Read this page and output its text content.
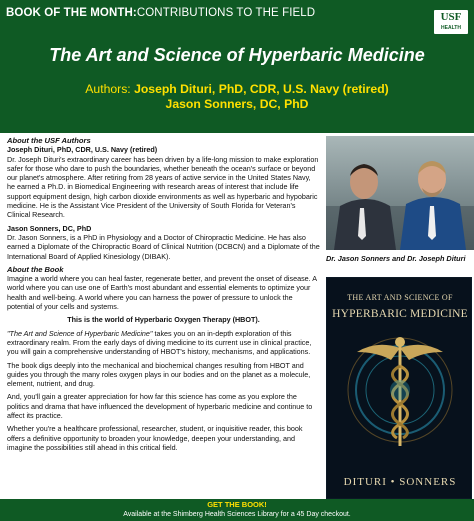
BOOK OF THE MONTH:CONTRIBUTIONS TO THE FIELD	USF
HEALTH
The Art and Science of Hyperbaric Medicine
Authors: Joseph Dituri, PhD, CDR, U.S. Navy (retired)
Jason Sonners, DC, PhD
About the USF Authors
Joseph Dituri, PhD, CDR, U.S. Navy (retired)
Dr. Joseph Dituri's extraordinary career has been driven by a life-long mission to make exploration safer for those who dare to push the boundaries, whether beneath the ocean's surface or beyond our planet's atmosphere. After retiring from 28 years of active service in the United States Navy, he earned a Ph.D. in Biomedical Engineering with research areas of interest that include life support equipment design, high carbon dioxide environments as well as hyperbaric and hypobaric medicine. He is the Assistant Vice President of the University of South Florida for Veteran's Clinical Research.
Jason Sonners, DC, PhD
Dr. Jason Sonners, is a PhD in Physiology and a Doctor of Chiropractic Medicine. He has also earned a Diplomate of the Chiropractic Board of Clinical Nutrition (DCBCN) and a Diplomate of the International Board of Applied Kinesiology (DIBAK).
About the Book
Imagine a world where you can heal faster, regenerate better, and prevent the onset of disease. A world where you can use one of Earth's most abundant and essential elements to optimize your health and well-being. A world where you can harness the power of pressure to unlock the potential of your cells and systems.
This is the world of Hyperbaric Oxygen Therapy (HBOT).
"The Art and Science of Hyperbaric Medicine" takes you on an in-depth exploration of this extraordinary realm. From the early days of diving medicine to its current use in clinical practice, you will gain a comprehensive understanding of HBOT's history, mechanisms, and applications.
The book digs deeply into the mechanical and biochemical changes resulting from HBOT and guides you through the many roles oxygen plays in our bodies and on the planet as a molecule, element, nutrient, and drug.
And, you'll gain a greater appreciation for how far this science has come as you explore the politics and drama that have influenced the development of hyperbaric medicine and continue to affect its practice.
Whether you're a healthcare professional, researcher, student, or inquisitive reader, this book offers a definitive opportunity to broaden your knowledge, deepen your understanding, and imagine the possibilities still ahead in this critical field.
Dr. Jason Sonners and Dr. Joseph Dituri
THE ART AND SCIENCE OF
HYPERBARIC MEDICINE
DITURI • SONNERS
GET THE BOOK!
Available at the Shimberg Health Sciences Library for a 45 Day checkout.
